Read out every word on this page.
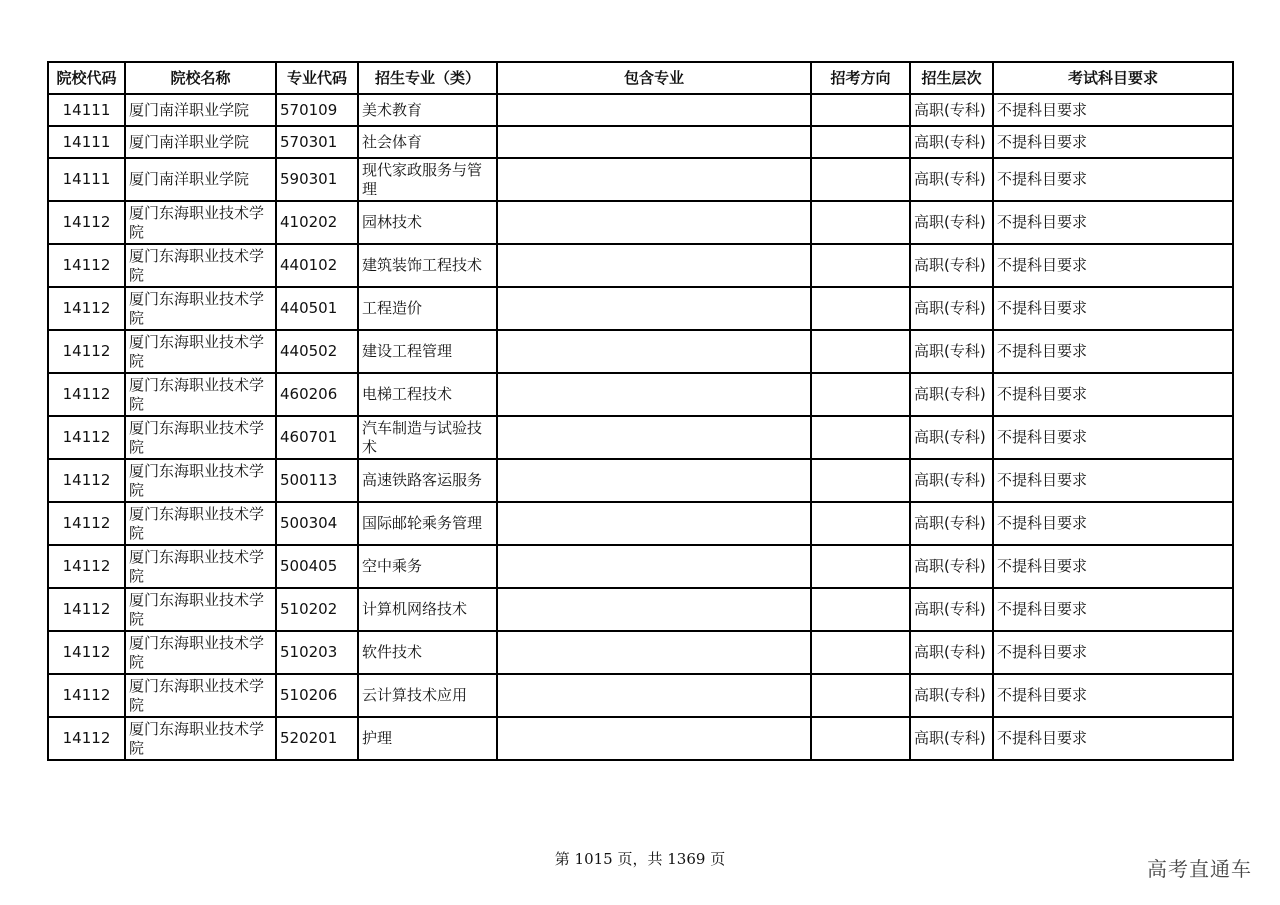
院校代码	院校名称	专业代码	招生专业（类）	包含专业	招考方向	招生层次	考试科目要求
14111	厦门南洋职业学院	570109	美术教育			高职(专科)	不提科目要求
14111	厦门南洋职业学院	570301	社会体育			高职(专科)	不提科目要求
14111	厦门南洋职业学院	590301	现代家政服务与管理			高职(专科)	不提科目要求
14112	厦门东海职业技术学院	410202	园林技术			高职(专科)	不提科目要求
14112	厦门东海职业技术学院	440102	建筑装饰工程技术			高职(专科)	不提科目要求
14112	厦门东海职业技术学院	440501	工程造价			高职(专科)	不提科目要求
14112	厦门东海职业技术学院	440502	建设工程管理			高职(专科)	不提科目要求
14112	厦门东海职业技术学院	460206	电梯工程技术			高职(专科)	不提科目要求
14112	厦门东海职业技术学院	460701	汽车制造与试验技术			高职(专科)	不提科目要求
14112	厦门东海职业技术学院	500113	高速铁路客运服务			高职(专科)	不提科目要求
14112	厦门东海职业技术学院	500304	国际邮轮乘务管理			高职(专科)	不提科目要求
14112	厦门东海职业技术学院	500405	空中乘务			高职(专科)	不提科目要求
14112	厦门东海职业技术学院	510202	计算机网络技术			高职(专科)	不提科目要求
14112	厦门东海职业技术学院	510203	软件技术			高职(专科)	不提科目要求
14112	厦门东海职业技术学院	510206	云计算技术应用			高职(专科)	不提科目要求
14112	厦门东海职业技术学院	520201	护理			高职(专科)	不提科目要求
第 1015 页，共 1369 页	高考直通车
